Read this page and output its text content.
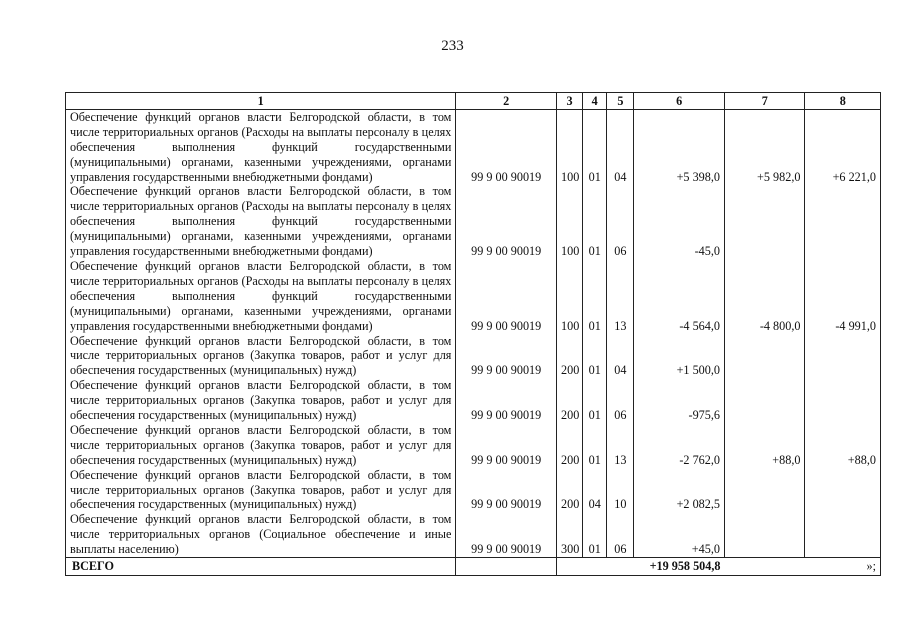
233
1	2	3	4	5	6	7	8
Обеспечение функций органов власти Белгородской области, в том числе территориальных органов (Расходы на выплаты персоналу в целях обеспечения выполнения функций государственными (муниципальными) органами, казенными учреждениями, органами управления государственными внебюджетными фондами)	99 9 00 90019	100	01	04	+5 398,0	+5 982,0	+6 221,0
Обеспечение функций органов власти Белгородской области, в том числе территориальных органов (Расходы на выплаты персоналу в целях обеспечения выполнения функций государственными (муниципальными) органами, казенными учреждениями, органами управления государственными внебюджетными фондами)	99 9 00 90019	100	01	06	-45,0		
Обеспечение функций органов власти Белгородской области, в том числе территориальных органов (Расходы на выплаты персоналу в целях обеспечения выполнения функций государственными (муниципальными) органами, казенными учреждениями, органами управления государственными внебюджетными фондами)	99 9 00 90019	100	01	13	-4 564,0	-4 800,0	-4 991,0
Обеспечение функций органов власти Белгородской области, в том числе территориальных органов (Закупка товаров, работ и услуг для обеспечения государственных (муниципальных) нужд)	99 9 00 90019	200	01	04	+1 500,0		
Обеспечение функций органов власти Белгородской области, в том числе территориальных органов (Закупка товаров, работ и услуг для обеспечения государственных (муниципальных) нужд)	99 9 00 90019	200	01	06	-975,6		
Обеспечение функций органов власти Белгородской области, в том числе территориальных органов (Закупка товаров, работ и услуг для обеспечения государственных (муниципальных) нужд)	99 9 00 90019	200	01	13	-2 762,0	+88,0	+88,0
Обеспечение функций органов власти Белгородской области, в том числе территориальных органов (Закупка товаров, работ и услуг для обеспечения государственных (муниципальных) нужд)	99 9 00 90019	200	04	10	+2 082,5		
Обеспечение функций органов власти Белгородской области, в том числе территориальных органов (Социальное обеспечение и иные выплаты населению)	99 9 00 90019	300	01	06	+45,0		
ВСЕГО					+19 958 504,8		»;
